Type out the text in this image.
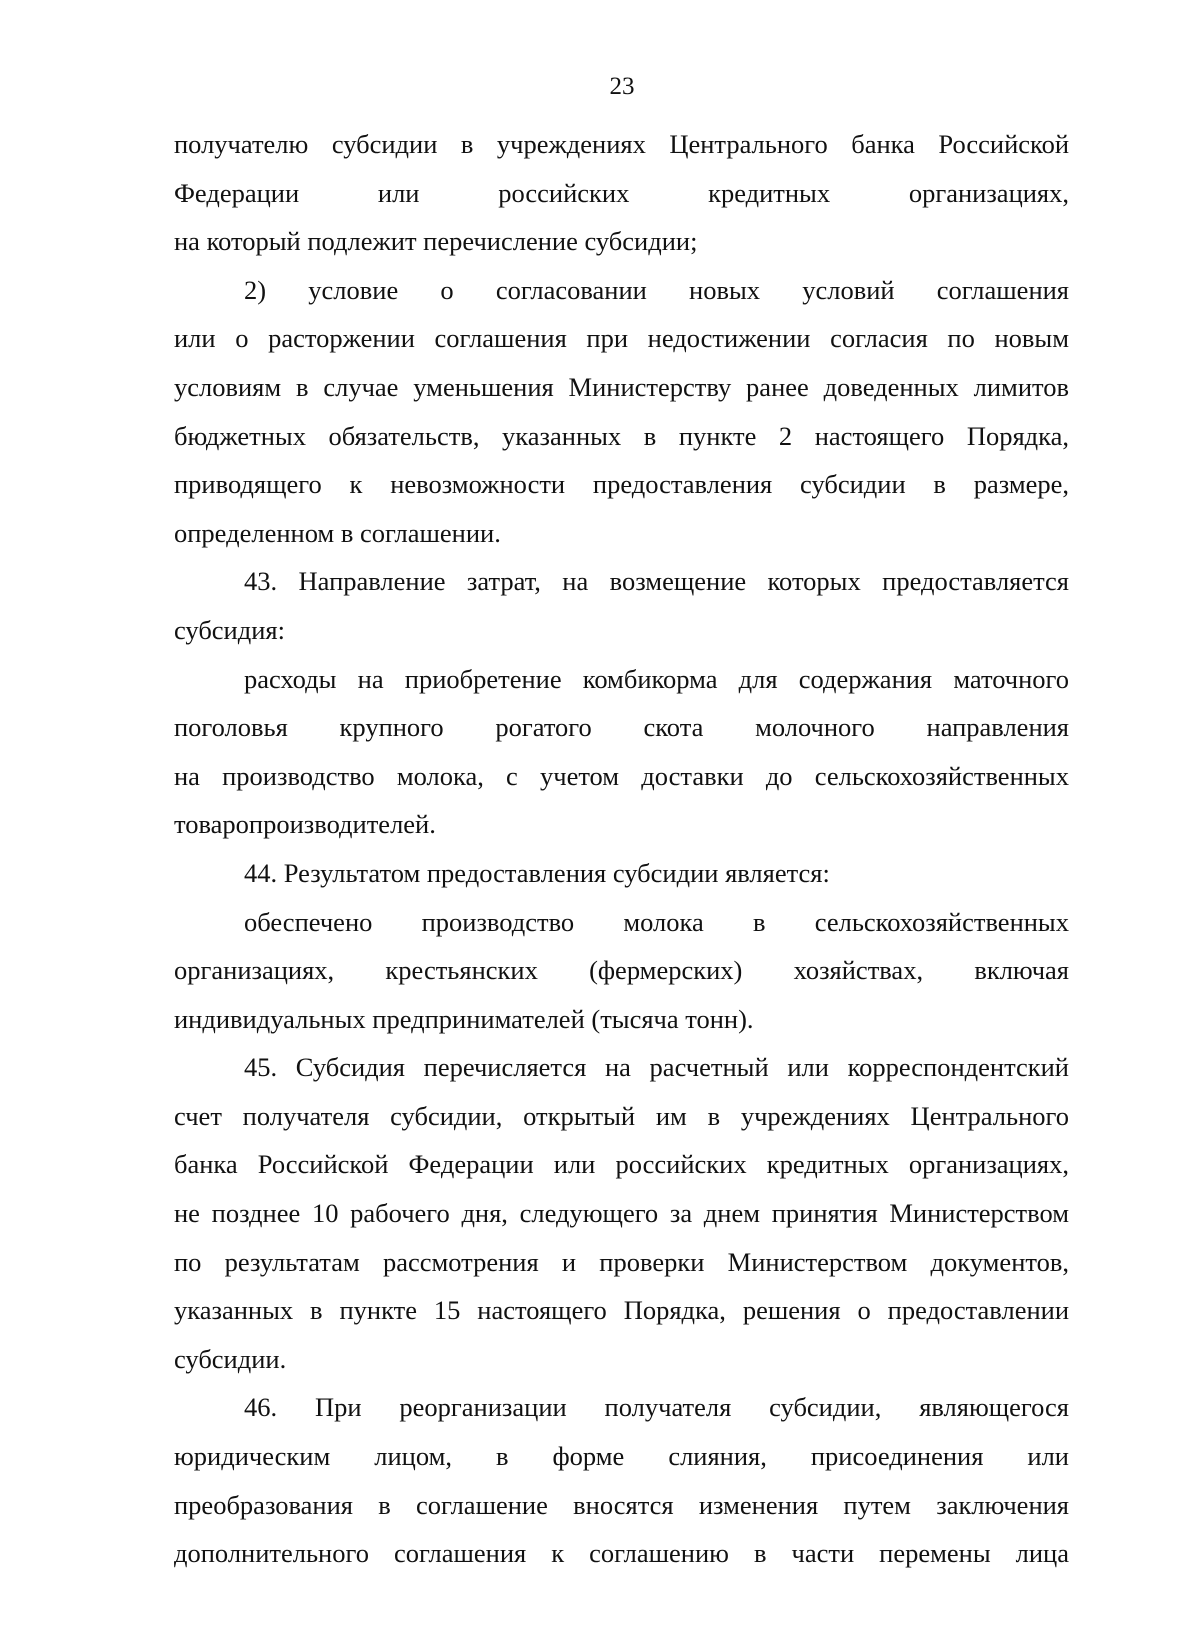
23
получателю субсидии в учреждениях Центрального банка Российской
Федерации или российских кредитных организациях,
на который подлежит перечисление субсидии;
2) условие о согласовании новых условий соглашения
или о расторжении соглашения при недостижении согласия по новым
условиям в случае уменьшения Министерству ранее доведенных лимитов
бюджетных обязательств, указанных в пункте 2 настоящего Порядка,
приводящего к невозможности предоставления субсидии в размере,
определенном в соглашении.
43. Направление затрат, на возмещение которых предоставляется
субсидия:
расходы на приобретение комбикорма для содержания маточного
поголовья крупного рогатого скота молочного направления
на производство молока, с учетом доставки до сельскохозяйственных
товаропроизводителей.
44. Результатом предоставления субсидии является:
обеспечено производство молока в сельскохозяйственных
организациях, крестьянских (фермерских) хозяйствах, включая
индивидуальных предпринимателей (тысяча тонн).
45. Субсидия перечисляется на расчетный или корреспондентский
счет получателя субсидии, открытый им в учреждениях Центрального
банка Российской Федерации или российских кредитных организациях,
не позднее 10 рабочего дня, следующего за днем принятия Министерством
по результатам рассмотрения и проверки Министерством документов,
указанных в пункте 15 настоящего Порядка, решения о предоставлении
субсидии.
46. При реорганизации получателя субсидии, являющегося
юридическим лицом, в форме слияния, присоединения или
преобразования в соглашение вносятся изменения путем заключения
дополнительного соглашения к соглашению в части перемены лица
